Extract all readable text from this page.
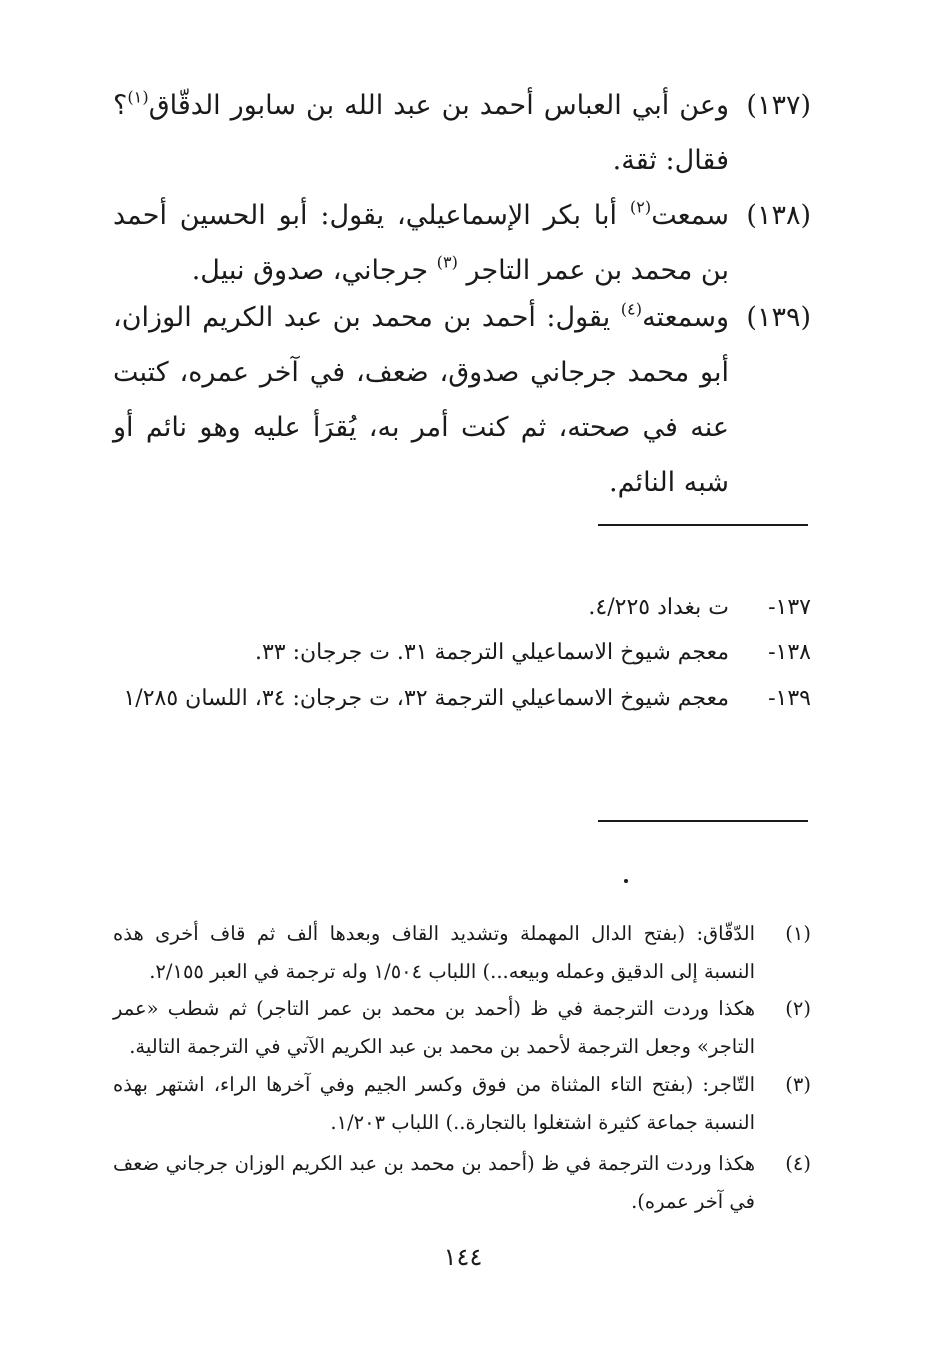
(١٣٧)
وعن أبي العباس أحمد بن عبد الله بن سابور الدقّاق$^{(١)}$؟ فقال: ثقة.
(١٣٨)
سمعت$^{(٢)}$ أبا بكر الإسماعيلي، يقول: أبو الحسين أحمد بن محمد بن عمر التاجر $^{(٣)}$ جرجاني، صدوق نبيل.
(١٣٩)
وسمعته$^{(٤)}$ يقول: أحمد بن محمد بن عبد الكريم الوزان، أبو محمد جرجاني صدوق، ضعف، في آخر عمره، كتبت عنه في صحته، ثم كنت أمر به، يُقرَأ عليه وهو نائم أو شبه النائم.
١٣٧-
ت بغداد ٤/٢٢٥.
١٣٨-
معجم شيوخ الاسماعيلي الترجمة ٣١. ت جرجان: ٣٣.
١٣٩-
معجم شيوخ الاسماعيلي الترجمة ٣٢، ت جرجان: ٣٤، اللسان ١/٢٨٥
(١)
الدّقّاق: (بفتح الدال المهملة وتشديد القاف وبعدها ألف ثم قاف أخرى هذه النسبة إلى الدقيق وعمله وبيعه...) اللباب ١/٥٠٤ وله ترجمة في العبر ٢/١٥٥.
(٢)
هكذا وردت الترجمة في ظ (أحمد بن محمد بن عمر التاجر) ثم شطب «عمر التاجر» وجعل الترجمة لأحمد بن محمد بن عبد الكريم الآتي في الترجمة التالية.
(٣)
التّاجر: (بفتح التاء المثناة من فوق وكسر الجيم وفي آخرها الراء، اشتهر بهذه النسبة جماعة كثيرة اشتغلوا بالتجارة..) اللباب ١/٢٠٣.
(٤)
هكذا وردت الترجمة في ظ (أحمد بن محمد بن عبد الكريم الوزان جرجاني ضعف في آخر عمره).
١٤٤
